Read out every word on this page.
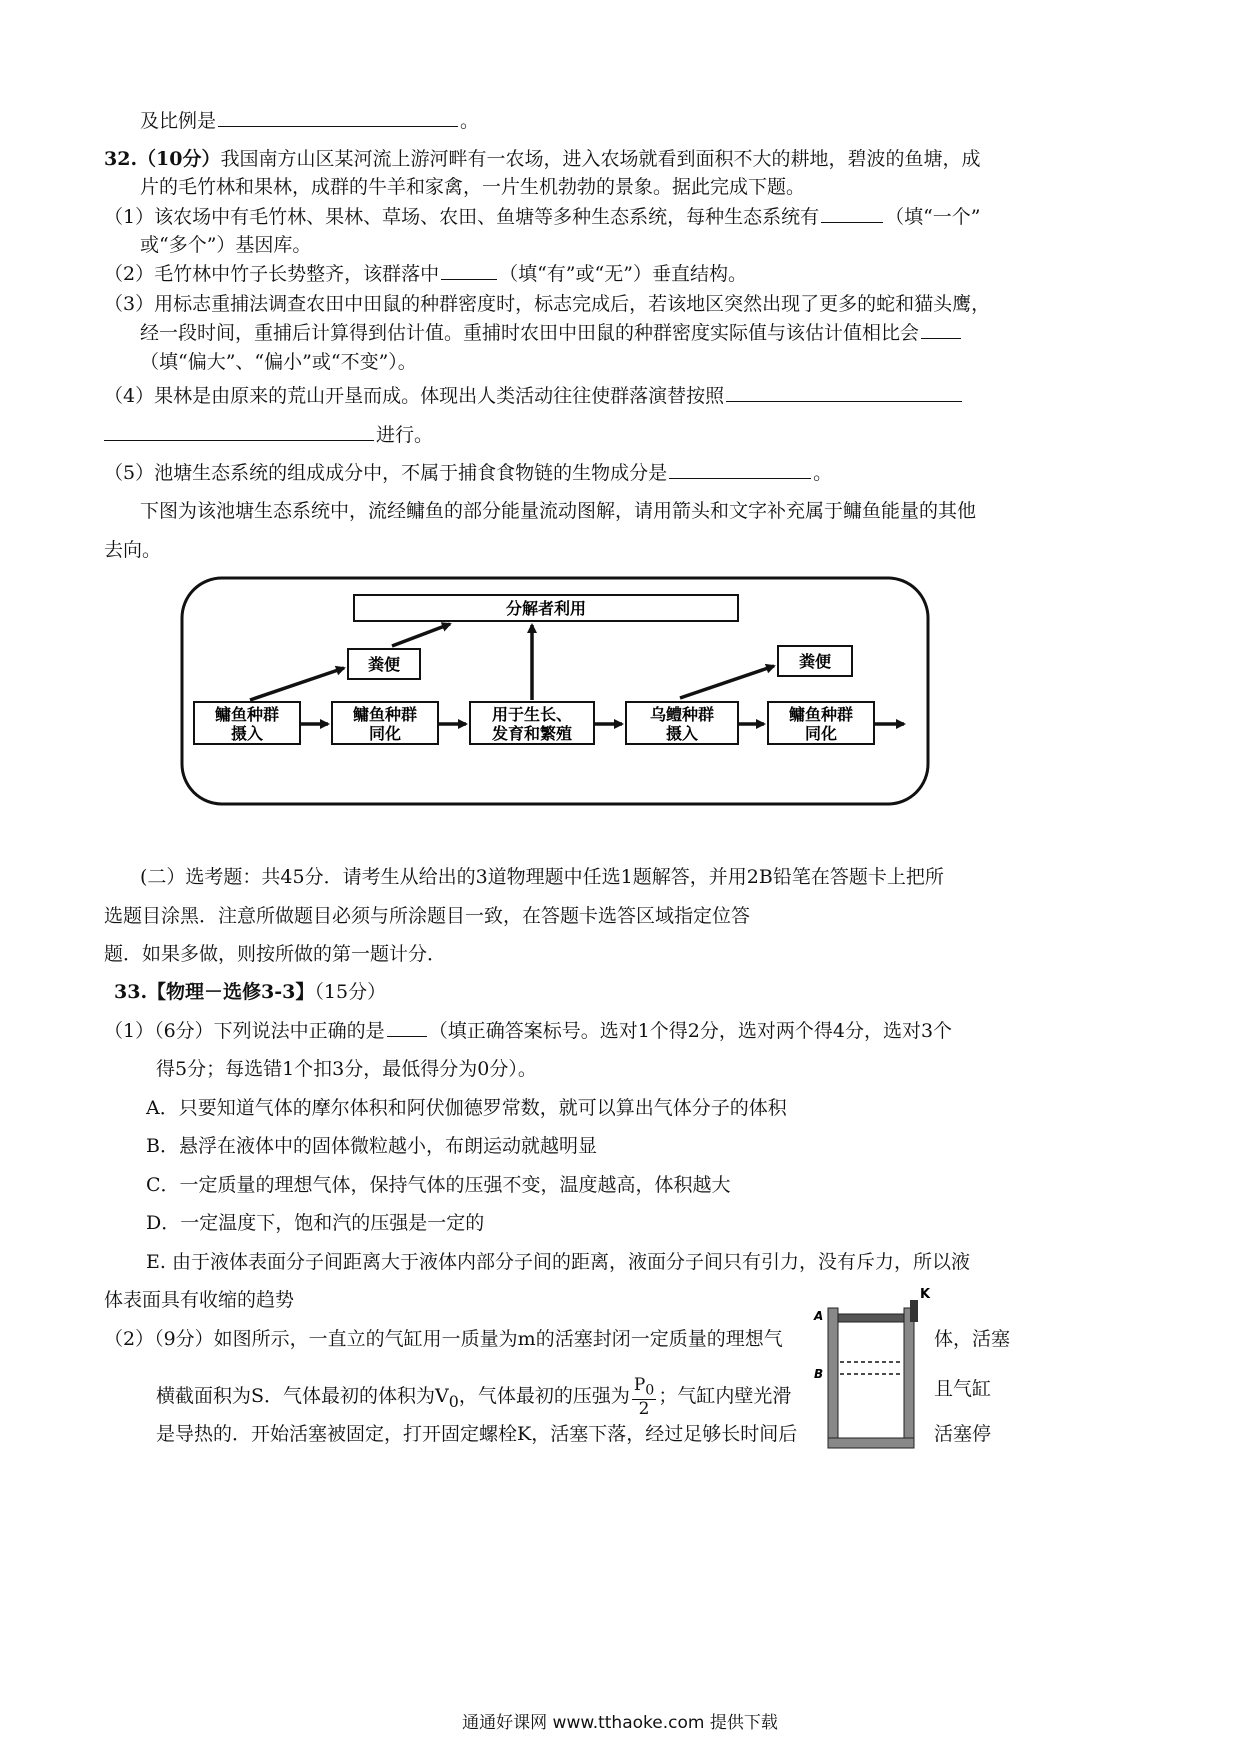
及比例是	。
32.（10分）我国南方山区某河流上游河畔有一农场，进入农场就看到面积不大的耕地，碧波的鱼塘，成
片的毛竹林和果林，成群的牛羊和家禽，一片生机勃勃的景象。据此完成下题。
（1）该农场中有毛竹林、果林、草场、农田、鱼塘等多种生态系统，每种生态系统有	（填“一个”
或“多个”）基因库。
（2）毛竹林中竹子长势整齐，该群落中	（填“有”或“无”）垂直结构。
（3）用标志重捕法调查农田中田鼠的种群密度时，标志完成后，若该地区突然出现了更多的蛇和猫头鹰，
经一段时间，重捕后计算得到估计值。重捕时农田中田鼠的种群密度实际值与该估计值相比会
（填“偏大”、“偏小”或“不变”）。
（4）果林是由原来的荒山开垦而成。体现出人类活动往往使群落演替按照
进行。
（5）池塘生态系统的组成成分中，不属于捕食食物链的生物成分是	。
下图为该池塘生态系统中，流经鳙鱼的部分能量流动图解，请用箭头和文字补充属于鳙鱼能量的其他
去向。
分解者利用
粪便	粪便
鳙鱼种群
摄入
鳙鱼种群
同化
用于生长、
发育和繁殖
乌鳢种群
摄入
鳙鱼种群
同化
(二）选考题：共45分．请考生从给出的3道物理题中任选1题解答，并用2B铅笔在答题卡上把所
选题目涂黑．注意所做题目必须与所涂题目一致，在答题卡选答区域指定位答
题．如果多做，则按所做的第一题计分．
33.【物理－选修3-3】（15分）
（1）（6分）下列说法中正确的是 （填正确答案标号。选对1个得2分，选对两个得4分，选对3个
得5分；每选错1个扣3分，最低得分为0分）。
A．只要知道气体的摩尔体积和阿伏伽德罗常数，就可以算出气体分子的体积
B．悬浮在液体中的固体微粒越小，布朗运动就越明显
C．一定质量的理想气体，保持气体的压强不变，温度越高，体积越大
D．一定温度下，饱和汽的压强是一定的
E. 由于液体表面分子间距离大于液体内部分子间的距离，液面分子间只有引力，没有斥力，所以液
体表面具有收缩的趋势
（2）（9分）如图所示，一直立的气缸用一质量为m的活塞封闭一定质量的理想气	体，活塞
横截面积为S．气体最初的体积为$V_0$，气体最初的压强为 $\frac{P_0}{2}$ ；气缸内壁光滑	且气缸
是导热的．开始活塞被固定，打开固定螺栓K，活塞下落，经过足够长时间后	活塞停
K
A
B
通通好课网 www.tthaoke.com 提供下载
